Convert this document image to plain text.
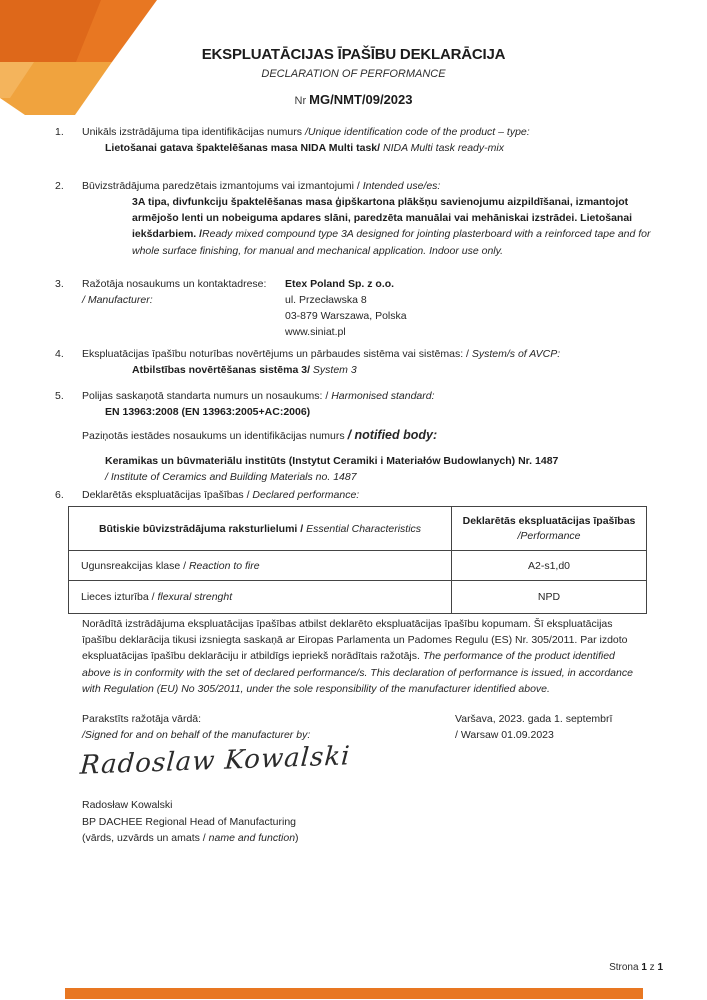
EKSPLUATĀCIJAS ĪPAŠĪBU DEKLARĀCIJA
DECLARATION OF PERFORMANCE
Nr MG/NMT/09/2023
1. Unikāls izstrādājuma tipa identifikācijas numurs /Unique identification code of the product – type:
Lietošanai gatava špaktelēšanas masa NIDA Multi task/ NIDA Multi task ready-mix
2. Būvizstrādājuma paredzētais izmantojums vai izmantojumi / Intended use/es:
3A tipa, divfunkciju špaktelēšanas masa ģipškartona plākšņu savienojumu aizpildīšanai, izmantojot armējošo lenti un nobeiguma apdares slāni, paredzēta manuālai vai mehāniskai izstrādei. Lietošanai iekšdarbiem. /Ready mixed compound type 3A designed for jointing plasterboard with a reinforced tape and for whole surface finishing, for manual and mechanical application. Indoor use only.
3. Ražotāja nosaukums un kontaktadrese:
/ Manufacturer:
Etex Poland Sp. z o.o.
ul. Przecławska 8
03-879 Warszawa, Polska
www.siniat.pl
4. Ekspluatācijas īpašību noturības novērtējums un pārbaudes sistēma vai sistēmas: / System/s of AVCP:
Atbilstības novērtēšanas sistēma 3/ System 3
5. Polijas saskaņotā standarta numurs un nosaukums: / Harmonised standard:
EN 13963:2008 (EN 13963:2005+AC:2006)
Paziņotās iestādes nosaukums un identifikācijas numurs / notified body:
Keramikas un būvmateriālu institūts (Instytut Ceramiki i Materiałów Budowlanych) Nr. 1487
/ Institute of Ceramics and Building Materials no. 1487
6. Deklarētās ekspluatācijas īpašības / Declared performance:
Būtiskie būvizstrādājuma raksturlielumi / Essential Characteristics	Deklarētās ekspluatācijas īpašības
/Performance
Ugunsreakcijas klase / Reaction to fire	A2-s1,d0
Lieces izturība / flexural strenght	NPD
Norādītā izstrādājuma ekspluatācijas īpašības atbilst deklarēto ekspluatācijas īpašību kopumam. Šī ekspluatācijas īpašību deklarācija tikusi izsniegta saskaņā ar Eiropas Parlamenta un Padomes Regulu (ES) Nr. 305/2011. Par izdoto ekspluatācijas īpašību deklarāciju ir atbildīgs iepriekš norādītais ražotājs. The performance of the product identified above is in conformity with the set of declared performance/s. This declaration of performance is issued, in accordance with Regulation (EU) No 305/2011, under the sole responsibility of the manufacturer identified above.
Parakstīts ražotāja vārdā:
/Signed for and on behalf of the manufacturer by:
Varšava, 2023. gada 1. septembrī
/ Warsaw 01.09.2023
Radoslaw Kowalski
Radosław Kowalski
BP DACHEE Regional Head of Manufacturing
(vārds, uzvārds un amats / name and function)
Strona 1 z 1
